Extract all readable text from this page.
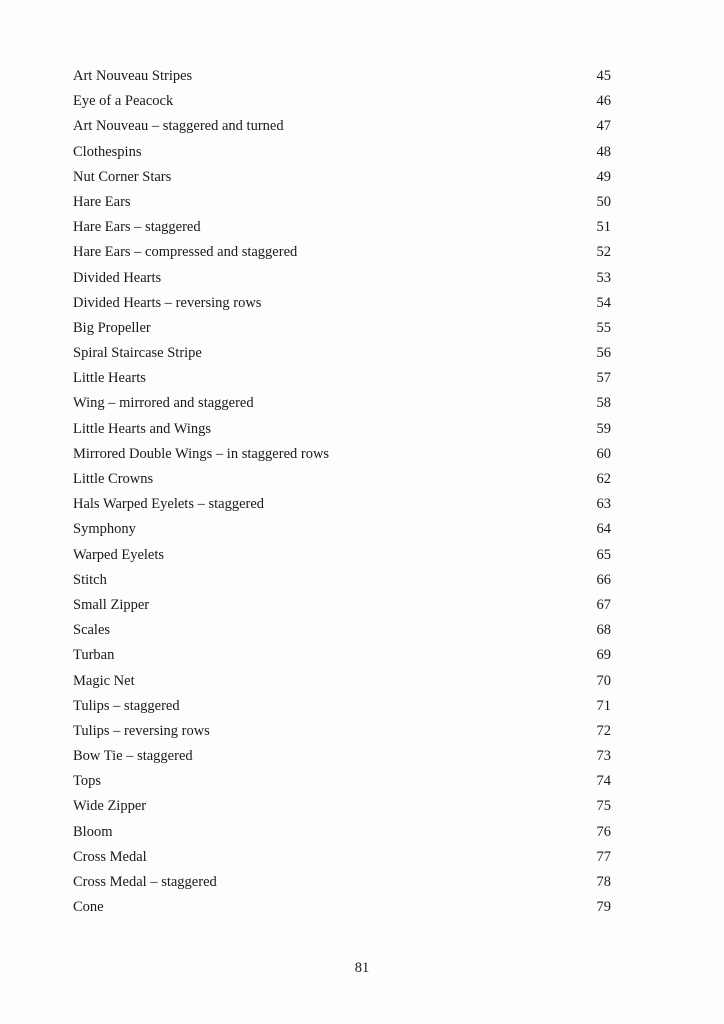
Art Nouveau Stripes	45
Eye of a Peacock	46
Art Nouveau – staggered and turned	47
Clothespins	48
Nut Corner Stars	49
Hare Ears	50
Hare Ears – staggered	51
Hare Ears – compressed and staggered	52
Divided Hearts	53
Divided Hearts – reversing rows	54
Big Propeller	55
Spiral Staircase Stripe	56
Little Hearts	57
Wing – mirrored and staggered	58
Little Hearts and Wings	59
Mirrored Double Wings – in staggered rows	60
Little Crowns	62
Hals Warped Eyelets – staggered	63
Symphony	64
Warped Eyelets	65
Stitch	66
Small Zipper	67
Scales	68
Turban	69
Magic Net	70
Tulips – staggered	71
Tulips – reversing rows	72
Bow Tie – staggered	73
Tops	74
Wide Zipper	75
Bloom	76
Cross Medal	77
Cross Medal – staggered	78
Cone	79
81
